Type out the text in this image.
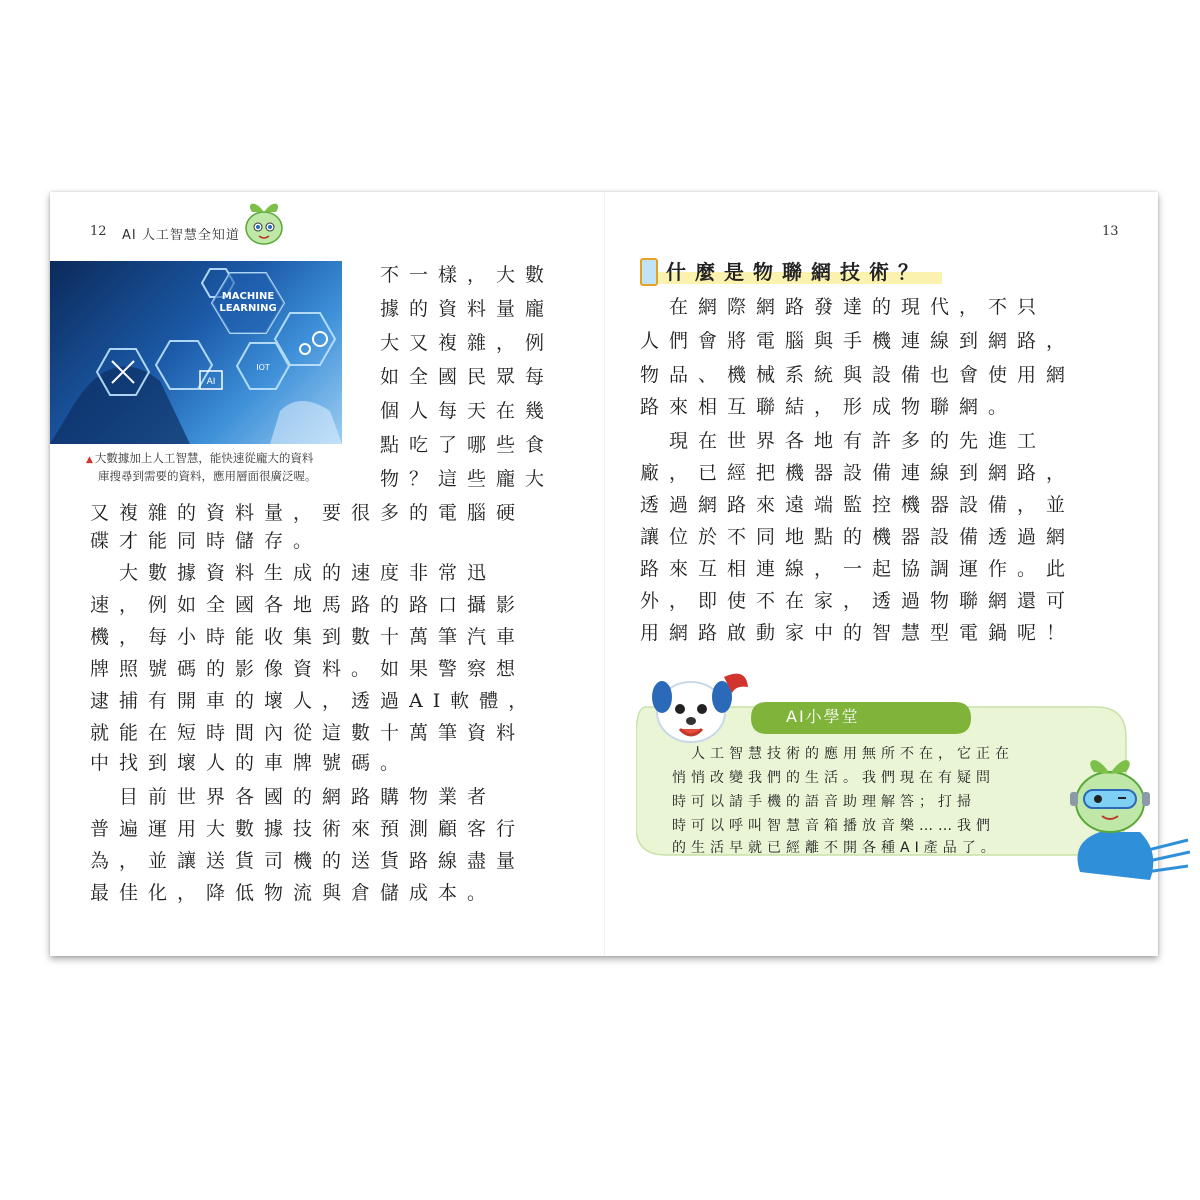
12 AI 人工智慧全知道	13
MACHINE
LEARNING
AI
IOT
▲ 大數據加上人工智慧，能快速從龐大的資料
庫搜尋到需要的資料，應用層面很廣泛喔。
不一樣，大數
據的資料量龐
大又複雜，例
如全國民眾每
個人每天在幾
點吃了哪些食
物？這些龐大
又複雜的資料量，要很多的電腦硬
碟才能同時儲存。
　大數據資料生成的速度非常迅
速，例如全國各地馬路的路口攝影
機，每小時能收集到數十萬筆汽車
牌照號碼的影像資料。如果警察想
逮捕有開車的壞人，透過AI軟體，
就能在短時間內從這數十萬筆資料
中找到壞人的車牌號碼。
　目前世界各國的網路購物業者
普遍運用大數據技術來預測顧客行
為，並讓送貨司機的送貨路線盡量
最佳化，降低物流與倉儲成本。
什麼是物聯網技術？
　在網際網路發達的現代，不只
人們會將電腦與手機連線到網路，
物品、機械系統與設備也會使用網
路來相互聯結，形成物聯網。
　現在世界各地有許多的先進工
廠，已經把機器設備連線到網路，
透過網路來遠端監控機器設備，並
讓位於不同地點的機器設備透過網
路來互相連線，一起協調運作。此
外，即使不在家，透過物聯網還可
用網路啟動家中的智慧型電鍋呢！
AI小學堂
　人工智慧技術的應用無所不在，它正在
悄悄改變我們的生活。我們現在有疑問
時可以請手機的語音助理解答；打掃
時可以呼叫智慧音箱播放音樂……我們
的生活早就已經離不開各種AI產品了。
